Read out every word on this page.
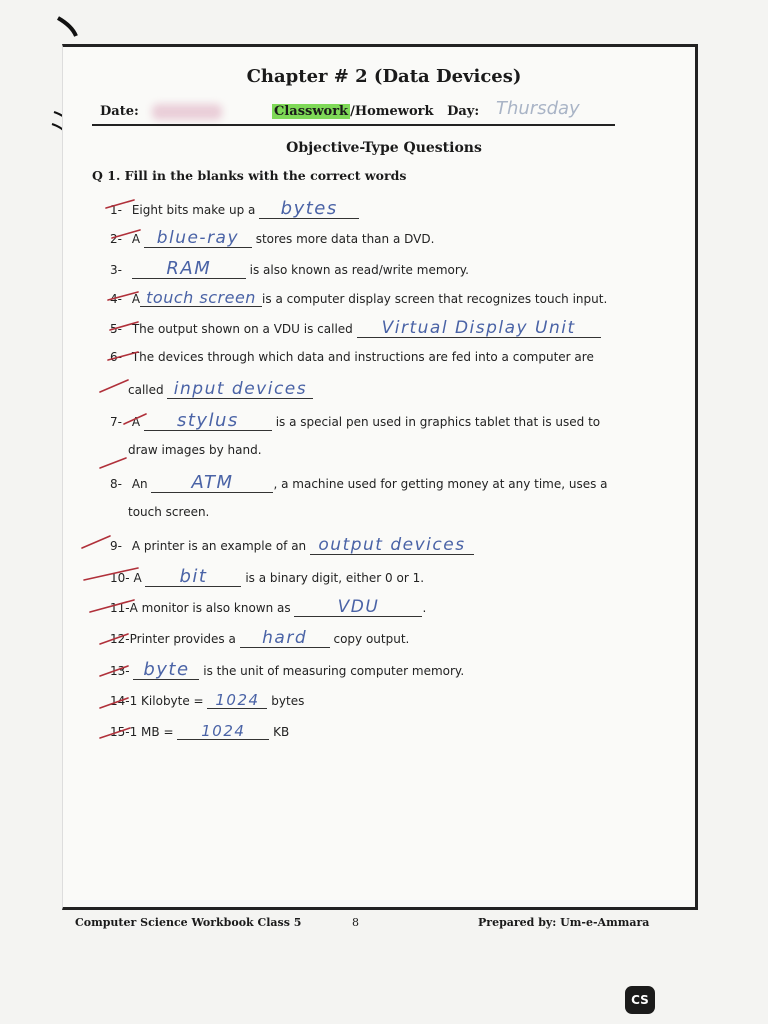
Chapter # 2 (Data Devices)
Date:	Classwork /Homework Day: Thursday
Objective-Type Questions
Q 1. Fill in the blanks with the correct words
1- Eight bits make up a bytes
2- A blue-ray stores more data than a DVD.
3- RAM	is also known as read/write memory.
4- A touch screen is a computer display screen that recognizes touch input.
5- The output shown on a VDU is called Virtual Display Unit
6- The devices through which data and instructions are fed into a computer are
called input devices
7- A stylus	is a special pen used in graphics tablet that is used to
draw images by hand.
8- An ATM	, a machine used for getting money at any time, uses a
touch screen.
9- A printer is an example of an output devices
10- A bit	is a binary digit, either 0 or 1.
11-A monitor is also known as	VDU	.
12-Printer provides a hard copy output.
13- byte is the unit of measuring computer memory.
14-1 Kilobyte = 1024 bytes
15-1 MB = 1024 KB
Computer Science Workbook Class 5	8	Prepared by: Um-e-Ammara
CS
